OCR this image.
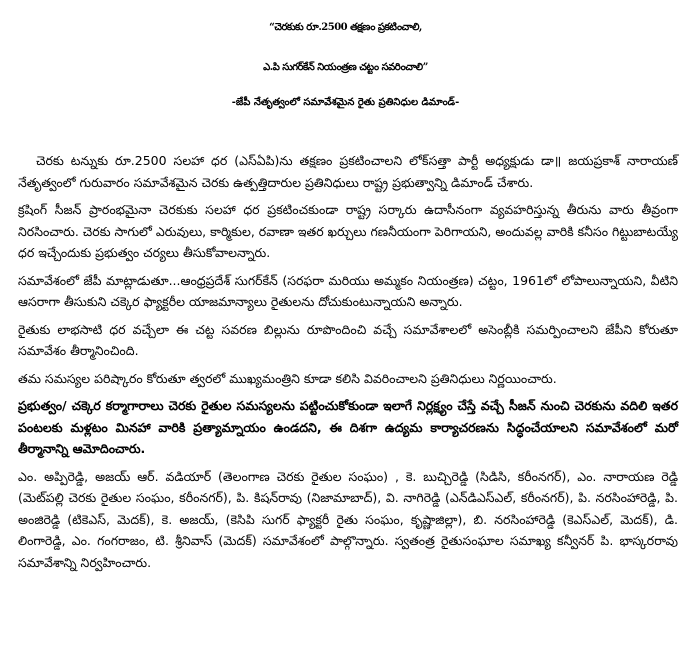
“చెరకుకు రూ.2500 తక్షణం ప్రకటించాలి,
ఎ.పి సుగర్‌కేన్ నియంత్రణ చట్టం సవరించాలి”
-జేపీ నేతృత్వంలో సమావేశమైన రైతు ప్రతినిధుల డిమాండ్-

చెరకు టన్నుకు రూ.2500 సలహా ధర (ఎస్ఏపి)ను తక్షణం ప్రకటించాలని లోక్‌సత్తా పార్టీ అధ్యక్షుడు డా॥ జయప్రకాశ్ నారాయణ్ నేతృత్వంలో గురువారం సమావేశమైన చెరకు ఉత్పత్తిదారుల ప్రతినిధులు రాష్ట్ర ప్రభుత్వాన్ని డిమాండ్ చేశారు.

క్రషింగ్ సీజన్ ప్రారంభమైనా చెరకుకు సలహా ధర ప్రకటించకుండా రాష్ట్ర సర్కారు ఉదాసీనంగా వ్యవహరిస్తున్న తీరును వారు తీవ్రంగా నిరసించారు. చెరకు సాగులో ఎరువులు, కార్మికుల, రవాణా ఇతర ఖర్చులు గణనీయంగా పెరిగాయని, అందువల్ల వారికి కనీసం గిట్టుబాటయ్యే ధర ఇచ్చేందుకు ప్రభుత్వం చర్యలు తీసుకోవాలన్నారు.

సమావేశంలో జేపీ మాట్లాడుతూ...ఆంధ్రప్రదేశ్ సుగర్‌కేన్ (సరఫరా మరియు అమ్మకం నియంత్రణ) చట్టం, 1961లో లోపాలున్నాయని, వీటిని ఆసరాగా తీసుకుని చక్కెర ఫ్యాక్టరీల యాజమాన్యాలు రైతులను దోచుకుంటున్నాయని అన్నారు.

రైతుకు లాభసాటి ధర వచ్చేలా ఈ చట్ట సవరణ బిల్లును రూపొందించి వచ్చే సమావేశాలలో అసెంబ్లీకి సమర్పించాలని జేపీని కోరుతూ సమావేశం తీర్మానించింది.

తమ సమస్యల పరిష్కారం కోరుతూ త్వరలో ముఖ్యమంత్రిని కూడా కలిసి వివరించాలని ప్రతినిధులు నిర్ణయించారు.

ప్రభుత్వం/ చక్కెర కర్మాగారాలు చెరకు రైతుల సమస్యలను పట్టించుకోకుండా ఇలాగే నిర్లక్ష్యం చేస్తే వచ్చే సీజన్ నుంచి చెరకును వదిలి ఇతర పంటలకు మళ్లటం మినహా వారికి ప్రత్యామ్నాయం ఉండదని, ఈ దిశగా ఉద్యమ కార్యాచరణను సిద్ధంచేయాలని సమావేశంలో మరో తీర్మానాన్ని ఆమోదించారు.

ఎం. అప్పిరెడ్డి, అజయ్ ఆర్. వడియార్ (తెలంగాణ చెరకు రైతుల సంఘం) , కె. బుచ్చిరెడ్డి (సిడిసి, కరీంనగర్), ఎం. నారాయణ రెడ్డి (మెట్‌పల్లి చెరకు రైతుల సంఘం, కరీంనగర్), పి. కిషన్‌రావు (నిజామాబాద్), వి. నాగిరెడ్డి (ఎన్‌డిఎస్ఎల్, కరీంనగర్), పి. నరసింహారెడ్డి, పి. అంజిరెడ్డి (టికెఎస్, మెదక్), కె. అజయ్, (కెసిపి సుగర్ ఫ్యాక్టరీ రైతు సంఘం, కృష్ణాజిల్లా), బి. నరసింహారెడ్డి (కెఎస్ఎల్, మెదక్), డి. లింగారెడ్డి, ఎం. గంగరాజం, టి. శ్రీనివాస్ (మెదక్) సమావేశంలో పాల్గొన్నారు. స్వతంత్ర రైతుసంఘాల సమాఖ్య కన్వీనర్ పి. భాస్కరరావు సమావేశాన్ని నిర్వహించారు.
